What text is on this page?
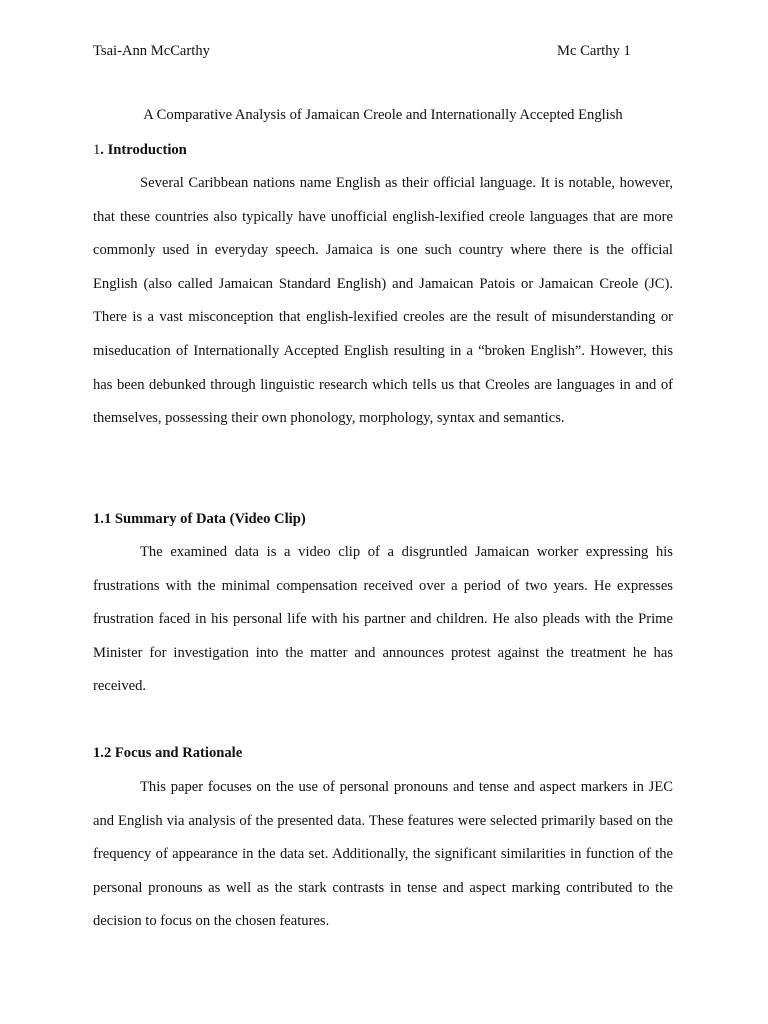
Tsai-Ann McCarthy	Mc Carthy 1
A Comparative Analysis of Jamaican Creole and Internationally Accepted English
1. Introduction

Several Caribbean nations name English as their official language. It is notable, however, that these countries also typically have unofficial english-lexified creole languages that are more commonly used in everyday speech. Jamaica is one such country where there is the official English (also called Jamaican Standard English) and Jamaican Patois or Jamaican Creole (JC). There is a vast misconception that english-lexified creoles are the result of misunderstanding or miseducation of Internationally Accepted English resulting in a “broken English”. However, this has been debunked through linguistic research which tells us that Creoles are languages in and of themselves, possessing their own phonology, morphology, syntax and semantics.

1.1 Summary of Data (Video Clip)

The examined data is a video clip of a disgruntled Jamaican worker expressing his frustrations with the minimal compensation received over a period of two years. He expresses frustration faced in his personal life with his partner and children. He also pleads with the Prime Minister for investigation into the matter and announces protest against the treatment he has received.

1.2 Focus and Rationale

This paper focuses on the use of personal pronouns and tense and aspect markers in JEC and English via analysis of the presented data. These features were selected primarily based on the frequency of appearance in the data set. Additionally, the significant similarities in function of the personal pronouns as well as the stark contrasts in tense and aspect marking contributed to the decision to focus on the chosen features.
